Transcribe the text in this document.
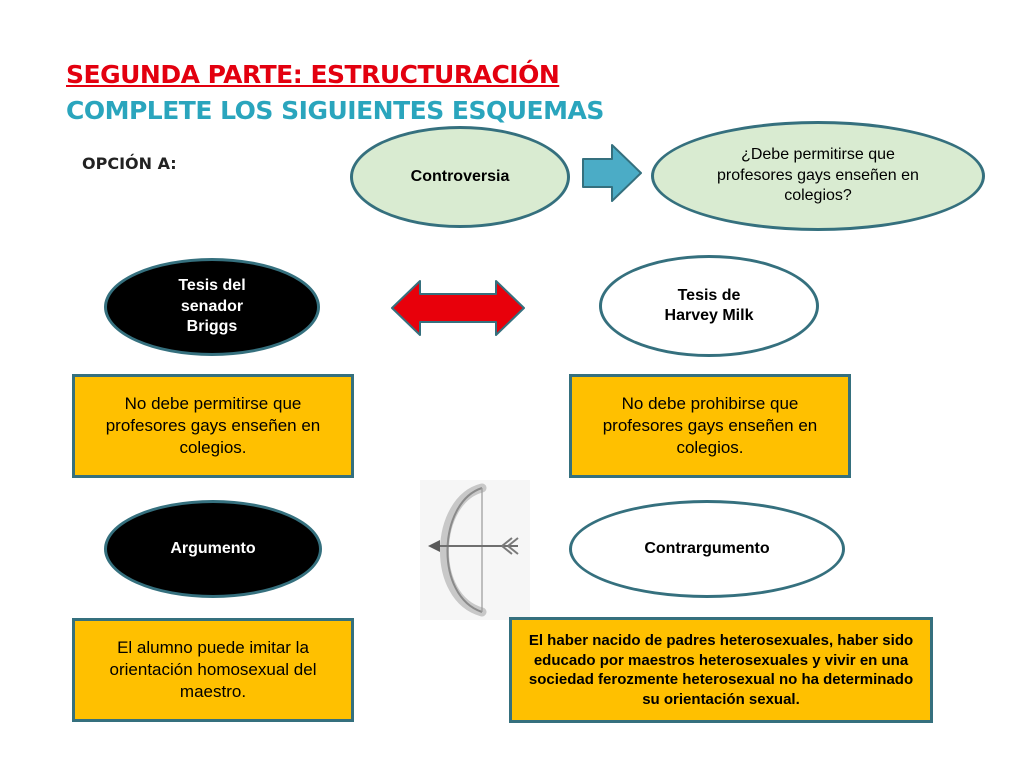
SEGUNDA PARTE: ESTRUCTURACIÓN
COMPLETE LOS SIGUIENTES ESQUEMAS
OPCIÓN A:
Controversia
¿Debe permitirse que profesores gays enseñen en colegios?
Tesis del senador Briggs
Tesis de Harvey Milk
No debe permitirse que profesores gays enseñen en colegios.
No debe prohibirse que profesores gays enseñen en colegios.
Argumento	Contrargumento
El alumno puede imitar la orientación homosexual del maestro.
El haber nacido de padres heterosexuales, haber sido educado por maestros heterosexuales y vivir en una sociedad ferozmente heterosexual no ha determinado su orientación sexual.
